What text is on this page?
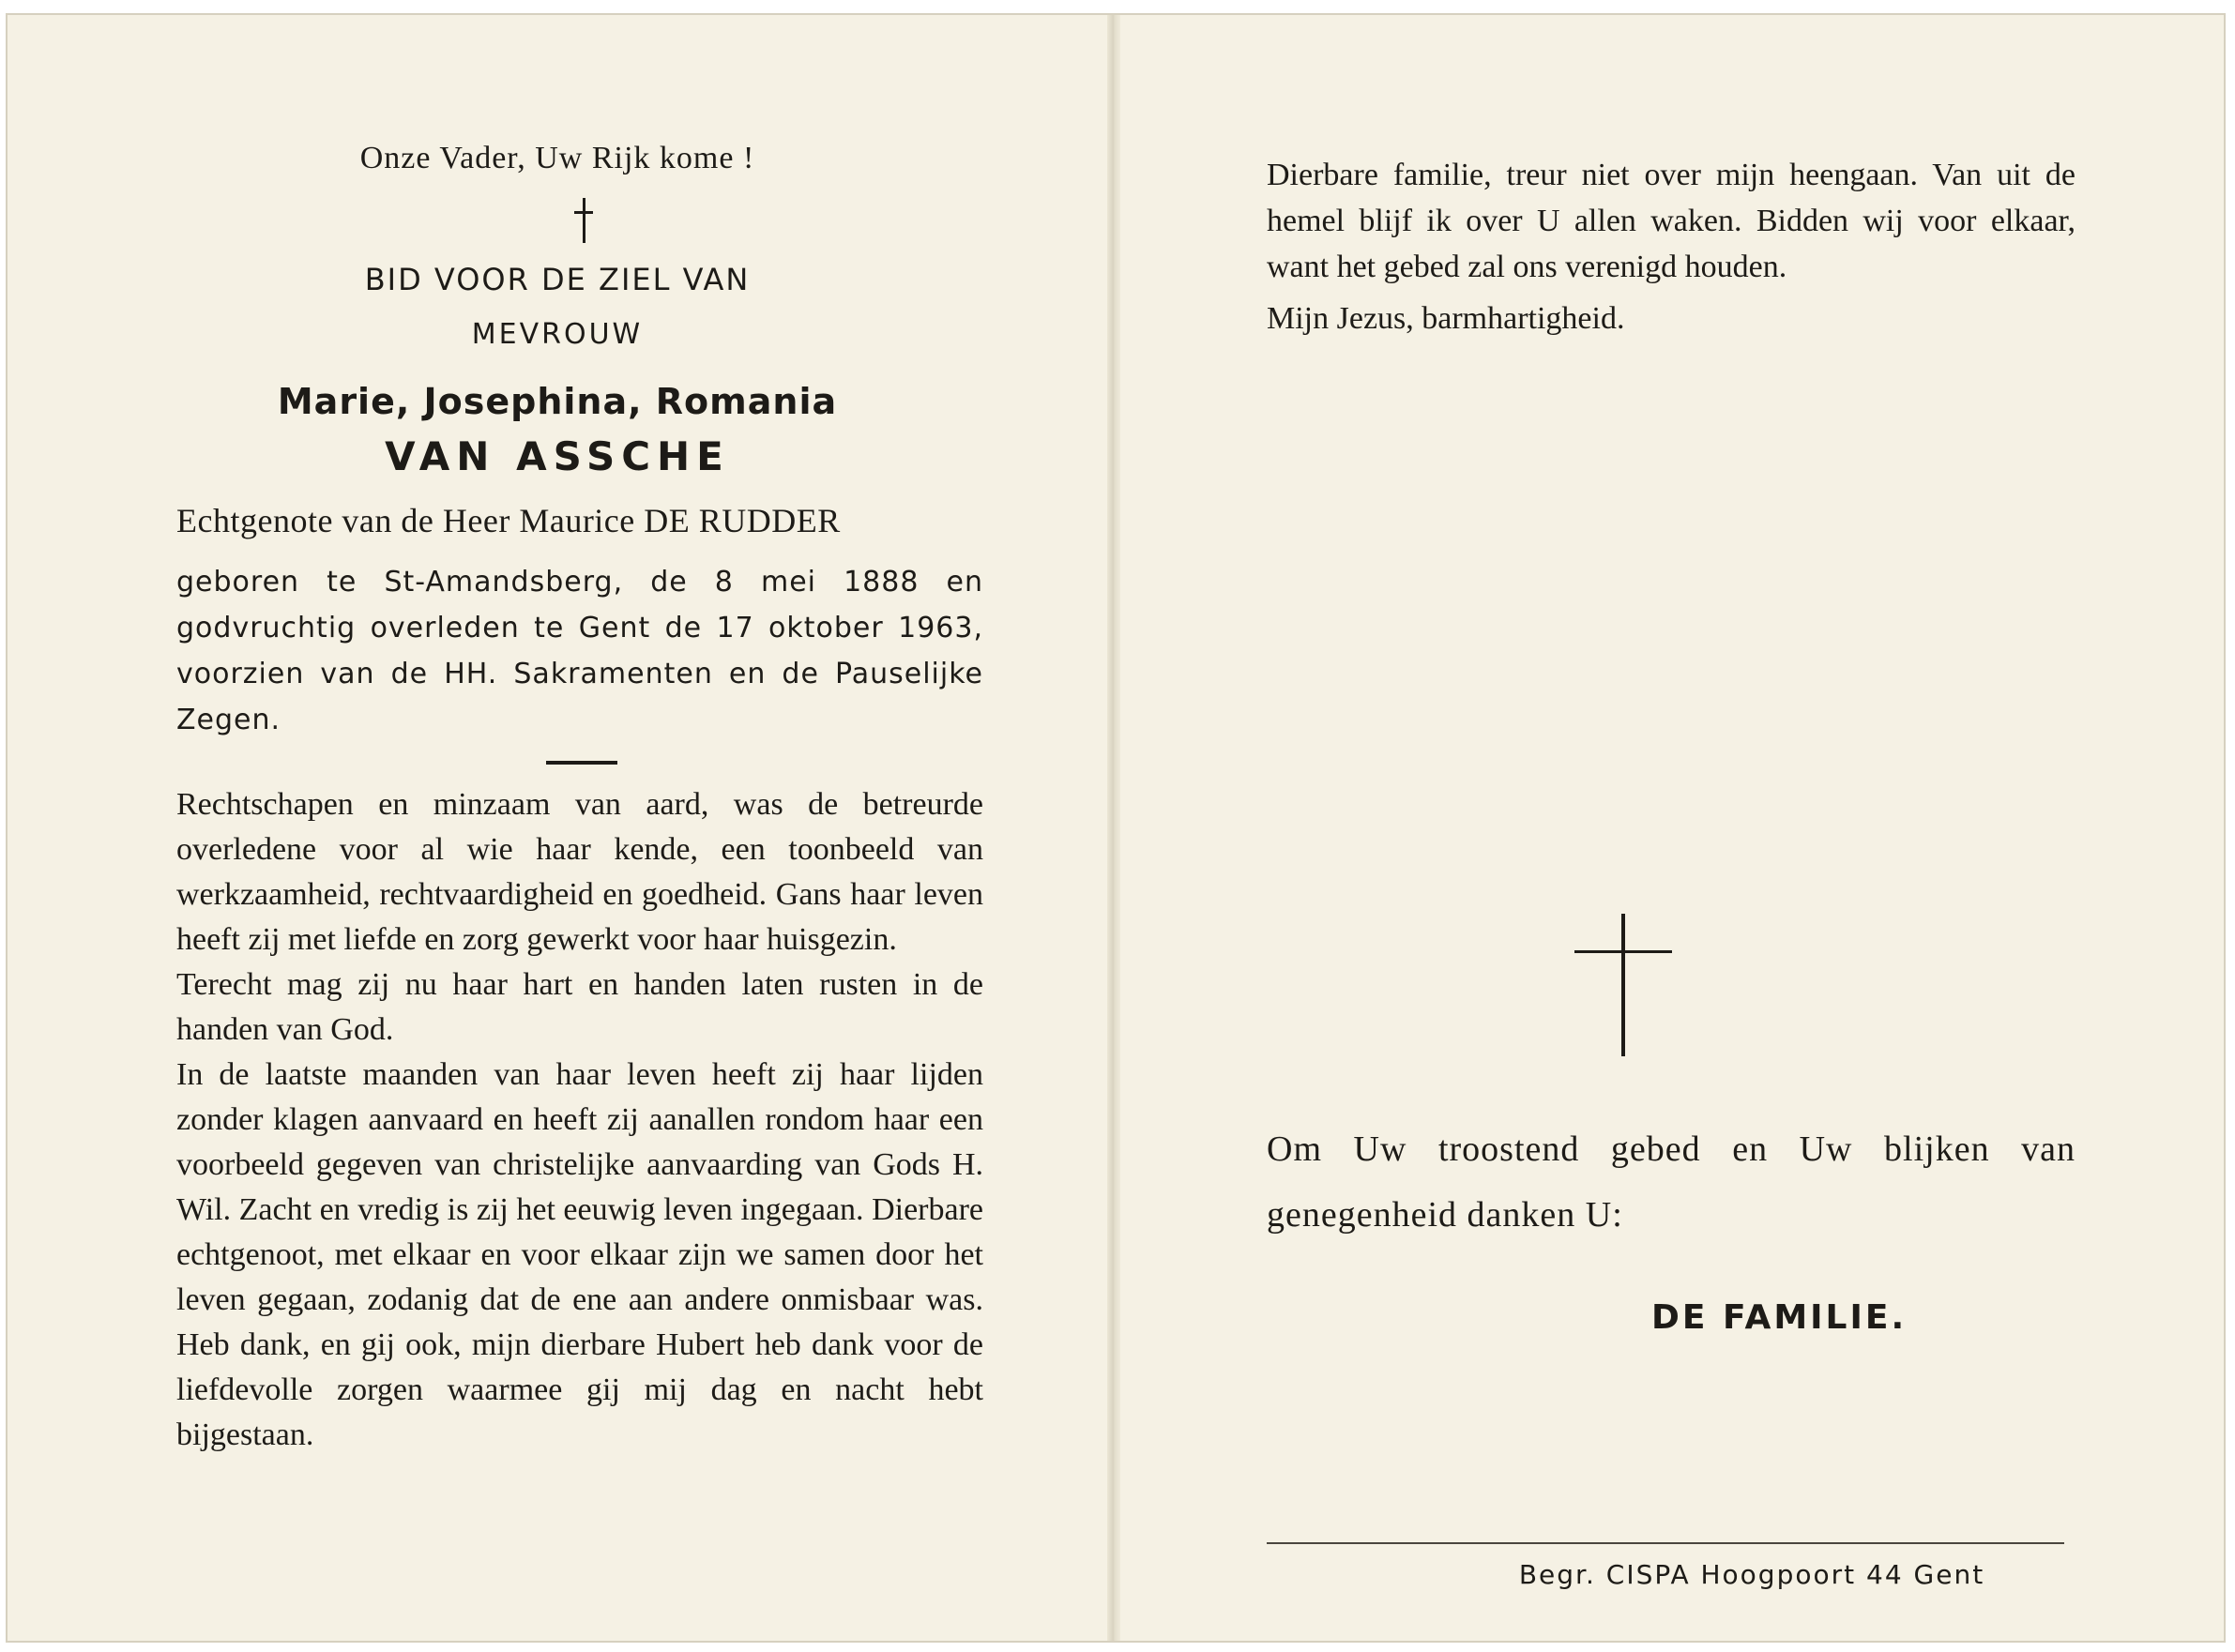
Onze Vader, Uw Rijk kome !
BID VOOR DE ZIEL VAN
MEVROUW
Marie, Josephina, Romania
VAN ASSCHE
Echtgenote van de Heer Maurice DE RUDDER
geboren te St-Amandsberg, de 8 mei 1888 en godvruchtig overleden te Gent de 17 oktober 1963, voorzien van de HH. Sakramenten en de Pauselijke Zegen.

Rechtschapen en minzaam van aard, was de betreurde overledene voor al wie haar kende, een toonbeeld van werkzaamheid, rechtvaardigheid en goedheid. Gans haar leven heeft zij met liefde en zorg gewerkt voor haar huisgezin.

Terecht mag zij nu haar hart en handen laten rusten in de handen van God.

In de laatste maanden van haar leven heeft zij haar lijden zonder klagen aanvaard en heeft zij aanallen rondom haar een voorbeeld gegeven van christelijke aanvaarding van Gods H. Wil. Zacht en vredig is zij het eeuwig leven ingegaan. Dierbare echtgenoot, met elkaar en voor elkaar zijn we samen door het leven gegaan, zodanig dat de ene aan andere onmisbaar was. Heb dank, en gij ook, mijn dierbare Hubert heb dank voor de liefdevolle zorgen waarmee gij mij dag en nacht hebt bijgestaan.

Dierbare familie, treur niet over mijn heengaan. Van uit de hemel blijf ik over U allen waken. Bidden wij voor elkaar, want het gebed zal ons verenigd houden.

Mijn Jezus, barmhartigheid.

Om Uw troostend gebed en Uw blijken van genegenheid danken U:

DE FAMILIE.
Begr. CISPA Hoogpoort 44 Gent
